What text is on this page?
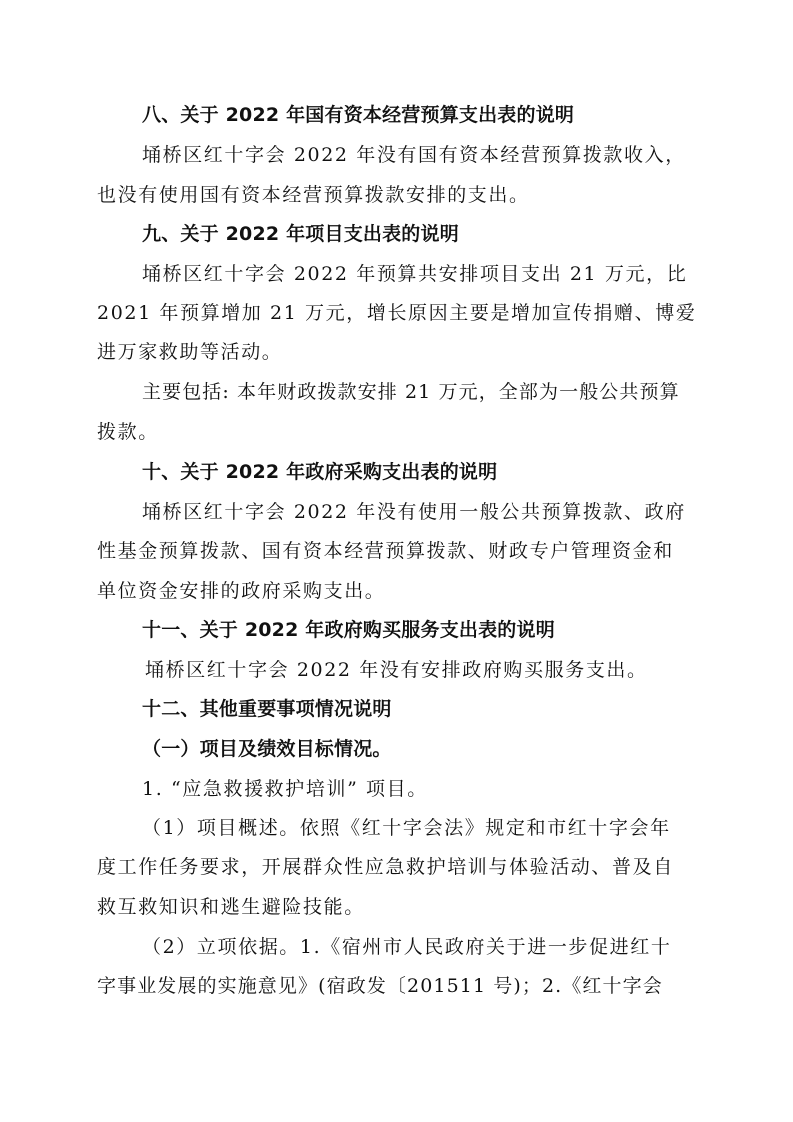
八、关于 2022 年国有资本经营预算支出表的说明
埇桥区红十字会 2022 年没有国有资本经营预算拨款收入，
也没有使用国有资本经营预算拨款安排的支出。
九、关于 2022 年项目支出表的说明
埇桥区红十字会 2022 年预算共安排项目支出 21 万元，比
2021 年预算增加 21 万元，增长原因主要是增加宣传捐赠、博爱
进万家救助等活动。
主要包括: 本年财政拨款安排 21 万元，全部为一般公共预算
拨款。
十、关于 2022 年政府采购支出表的说明
埇桥区红十字会 2022 年没有使用一般公共预算拨款、政府
性基金预算拨款、国有资本经营预算拨款、财政专户管理资金和
单位资金安排的政府采购支出。
十一、关于 2022 年政府购买服务支出表的说明
埇桥区红十字会 2022 年没有安排政府购买服务支出。
十二、其他重要事项情况说明
（一）项目及绩效目标情况。
1. “应急救援救护培训” 项目。
（1）项目概述。依照《红十字会法》规定和市红十字会年
度工作任务要求，开展群众性应急救护培训与体验活动、普及自
救互救知识和逃生避险技能。
（2）立项依据。1.《宿州市人民政府关于进一步促进红十
字事业发展的实施意见》(宿政发〔201511 号)；2.《红十字会
